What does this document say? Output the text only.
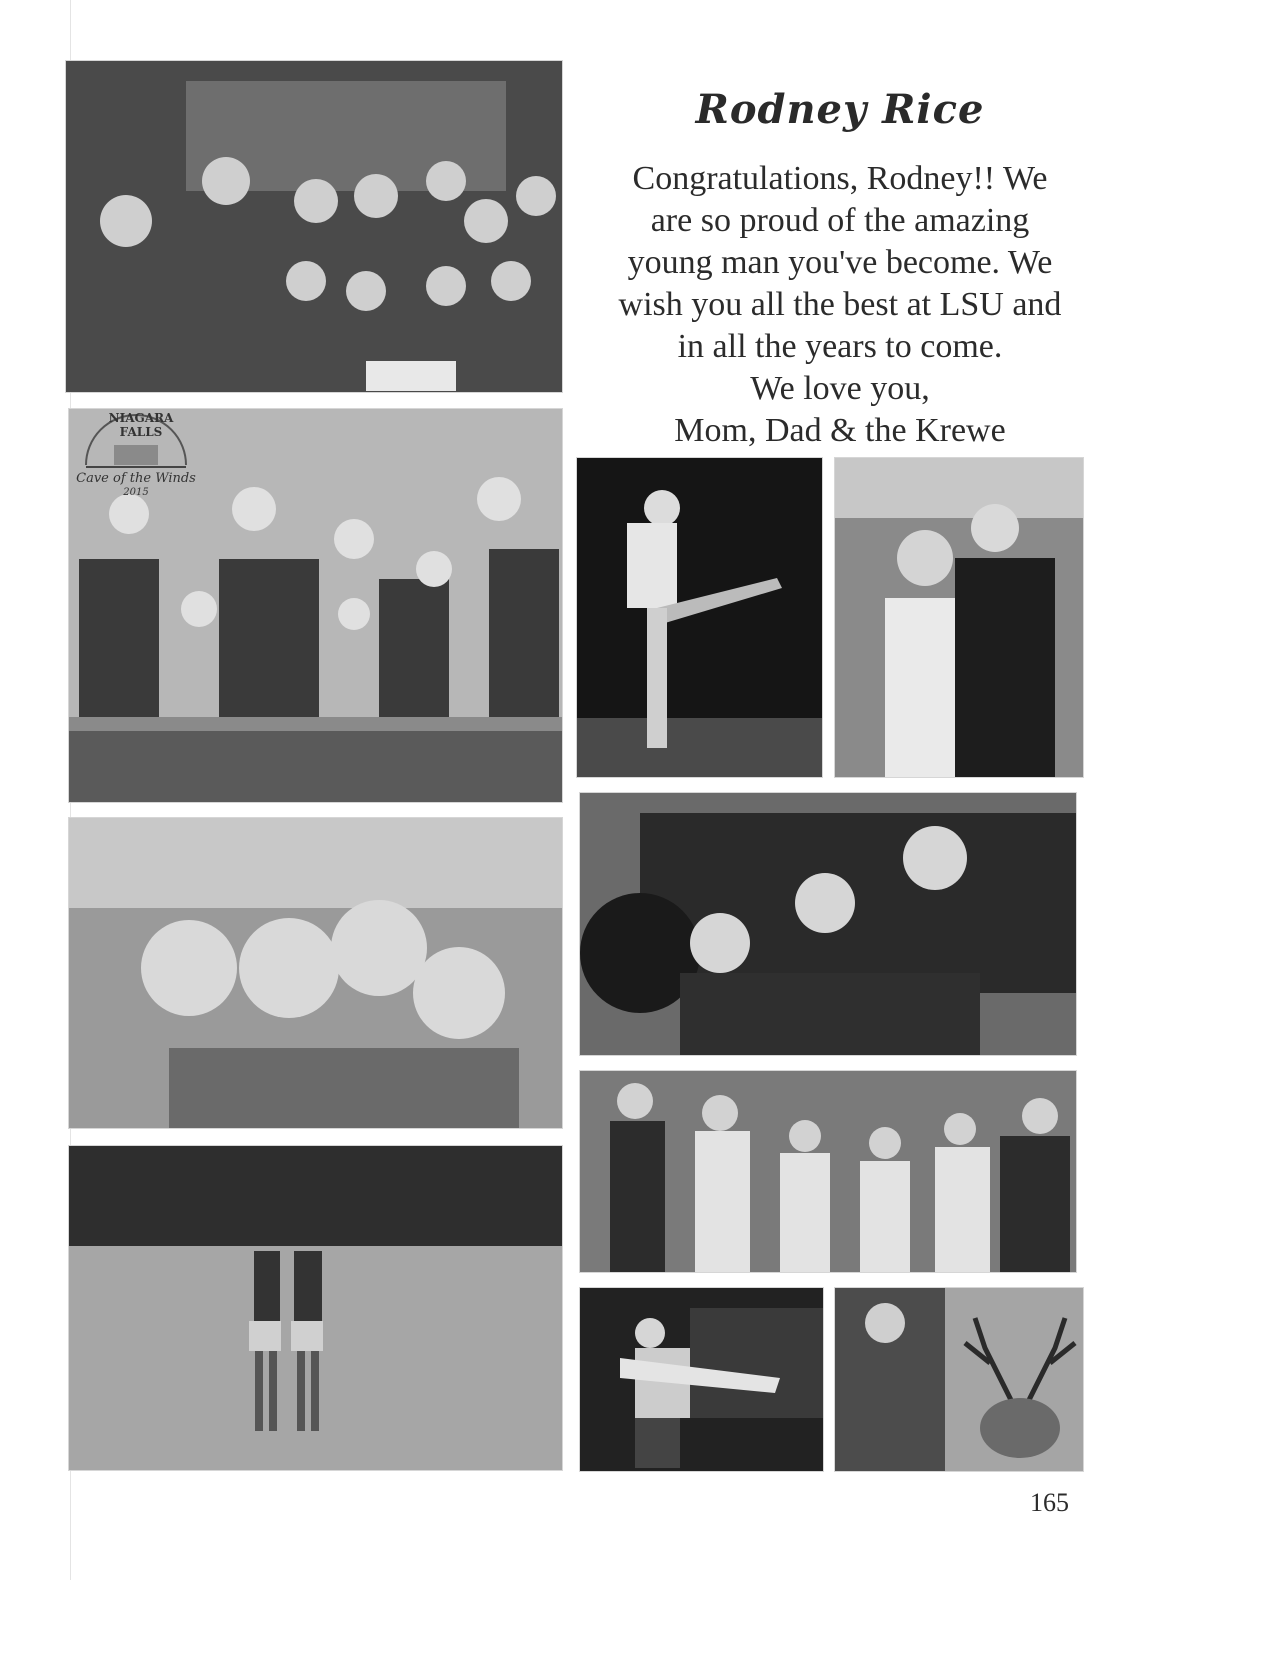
NIAGARA FALLS
Cave of the Winds
2015
Rodney Rice
Congratulations, Rodney!! We
are so proud of the amazing
young man you've become. We
wish you all the best at LSU and
in all the years to come.
We love you,
Mom, Dad & the Krewe
165
